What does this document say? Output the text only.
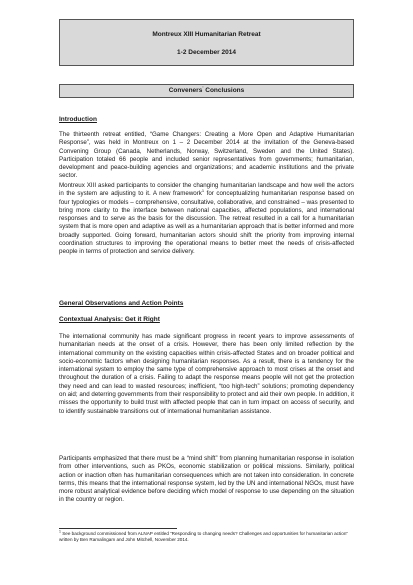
Montreux XIII Humanitarian Retreat
1-2 December 2014
Conveners’ Conclusions
Introduction

The thirteenth retreat entitled, “Game Changers: Creating a More Open and Adaptive Humanitarian Response”, was held in Montreux on 1 – 2 December 2014 at the invitation of the Geneva-based Convening Group (Canada, Netherlands, Norway, Switzerland, Sweden and the United States). Participation totaled 66 people and included senior representatives from governments; humanitarian, development and peace-building agencies and organizations; and academic institutions and the private sector.

Montreux XIII asked participants to consider the changing humanitarian landscape and how well the actors in the system are adjusting to it. A new framework$^1$ for conceptualizing humanitarian response based on four typologies or models – comprehensive, consultative, collaborative, and constrained – was presented to bring more clarity to the interface between national capacities, affected populations, and international responses and to serve as the basis for the discussion. The retreat resulted in a call for a humanitarian system that is more open and adaptive as well as a humanitarian approach that is better informed and more broadly supported. Going forward, humanitarian actors should shift the priority from improving internal coordination structures to improving the operational means to better meet the needs of crisis-affected people in terms of protection and service delivery.

General Observations and Action Points
Contextual Analysis: Get it Right

The international community has made significant progress in recent years to improve assessments of humanitarian needs at the onset of a crisis. However, there has been only limited reflection by the international community on the existing capacities within crisis-affected States and on broader political and socio-economic factors when designing humanitarian responses. As a result, there is a tendency for the international system to employ the same type of comprehensive approach to most crises at the onset and throughout the duration of a crisis. Failing to adapt the response means people will not get the protection they need and can lead to wasted resources; inefficient, “too high-tech” solutions; promoting dependency on aid; and deterring governments from their responsibility to protect and aid their own people. In addition, it misses the opportunity to build trust with affected people that can in turn impact on access of security, and to identify sustainable transitions out of international humanitarian assistance.

Participants emphasized that there must be a “mind shift” from planning humanitarian response in isolation from other interventions, such as PKOs, economic stabilization or political missions. Similarly, political action or inaction often has humanitarian consequences which are not taken into consideration. In concrete terms, this means that the international response system, led by the UN and international NGOs, must have more robust analytical evidence before deciding which model of response to use depending on the situation in the country or region.

$^1$ See background commissioned from ALNAP entitled “Responding to changing needs? Challenges and opportunities for humanitarian action” written by Ben Ramalingam and John Mitchell, November 2014.
